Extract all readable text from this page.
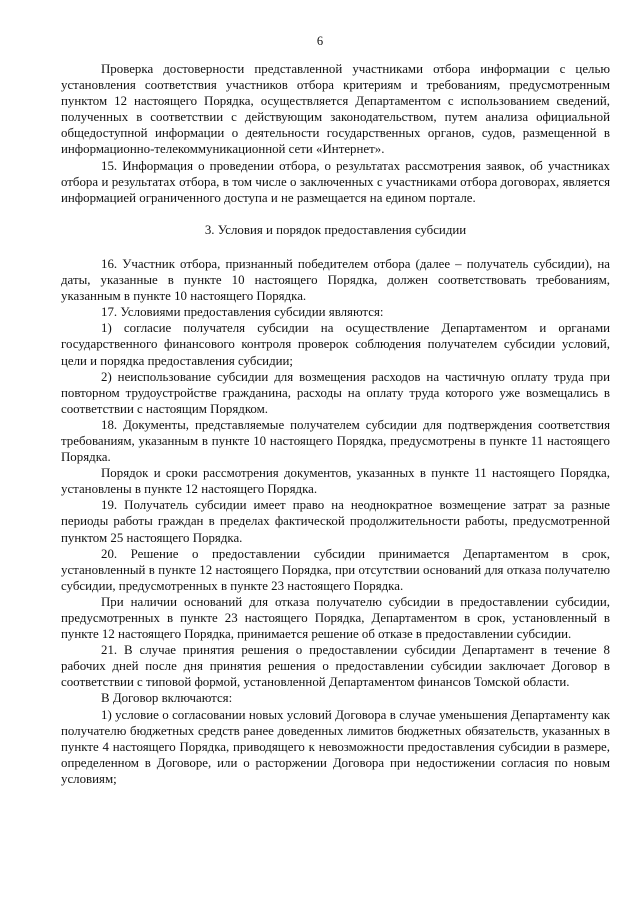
6

Проверка достоверности представленной участниками отбора информации с целью установления соответствия участников отбора критериям и требованиям, предусмотренным пунктом 12 настоящего Порядка, осуществляется Департаментом с использованием сведений, полученных в соответствии с действующим законодательством, путем анализа официальной общедоступной информации о деятельности государственных органов, судов, размещенной в информационно-телекоммуникационной сети «Интернет».

15. Информация о проведении отбора, о результатах рассмотрения заявок, об участниках отбора и результатах отбора, в том числе о заключенных с участниками отбора договорах, является информацией ограниченного доступа и не размещается на едином портале.

3. Условия и порядок предоставления субсидии

16. Участник отбора, признанный победителем отбора (далее – получатель субсидии), на даты, указанные в пункте 10 настоящего Порядка, должен соответствовать требованиям, указанным в пункте 10 настоящего Порядка.

17. Условиями предоставления субсидии являются:

1) согласие получателя субсидии на осуществление Департаментом и органами государственного финансового контроля проверок соблюдения получателем субсидии условий, цели и порядка предоставления субсидии;

2) неиспользование субсидии для возмещения расходов на частичную оплату труда при повторном трудоустройстве гражданина, расходы на оплату труда которого уже возмещались в соответствии с настоящим Порядком.

18. Документы, представляемые получателем субсидии для подтверждения соответствия требованиям, указанным в пункте 10 настоящего Порядка, предусмотрены в пункте 11 настоящего Порядка.

Порядок и сроки рассмотрения документов, указанных в пункте 11 настоящего Порядка, установлены в пункте 12 настоящего Порядка.

19. Получатель субсидии имеет право на неоднократное возмещение затрат за разные периоды работы граждан в пределах фактической продолжительности работы, предусмотренной пунктом 25 настоящего Порядка.

20. Решение о предоставлении субсидии принимается Департаментом в срок, установленный в пункте 12 настоящего Порядка, при отсутствии оснований для отказа получателю субсидии, предусмотренных в пункте 23 настоящего Порядка.

При наличии оснований для отказа получателю субсидии в предоставлении субсидии, предусмотренных в пункте 23 настоящего Порядка, Департаментом в срок, установленный в пункте 12 настоящего Порядка, принимается решение об отказе в предоставлении субсидии.

21. В случае принятия решения о предоставлении субсидии Департамент в течение 8 рабочих дней после дня принятия решения о предоставлении субсидии заключает Договор в соответствии с типовой формой, установленной Департаментом финансов Томской области.

В Договор включаются:

1) условие о согласовании новых условий Договора в случае уменьшения Департаменту как получателю бюджетных средств ранее доведенных лимитов бюджетных обязательств, указанных в пункте 4 настоящего Порядка, приводящего к невозможности предоставления субсидии в размере, определенном в Договоре, или о расторжении Договора при недостижении согласия по новым условиям;
